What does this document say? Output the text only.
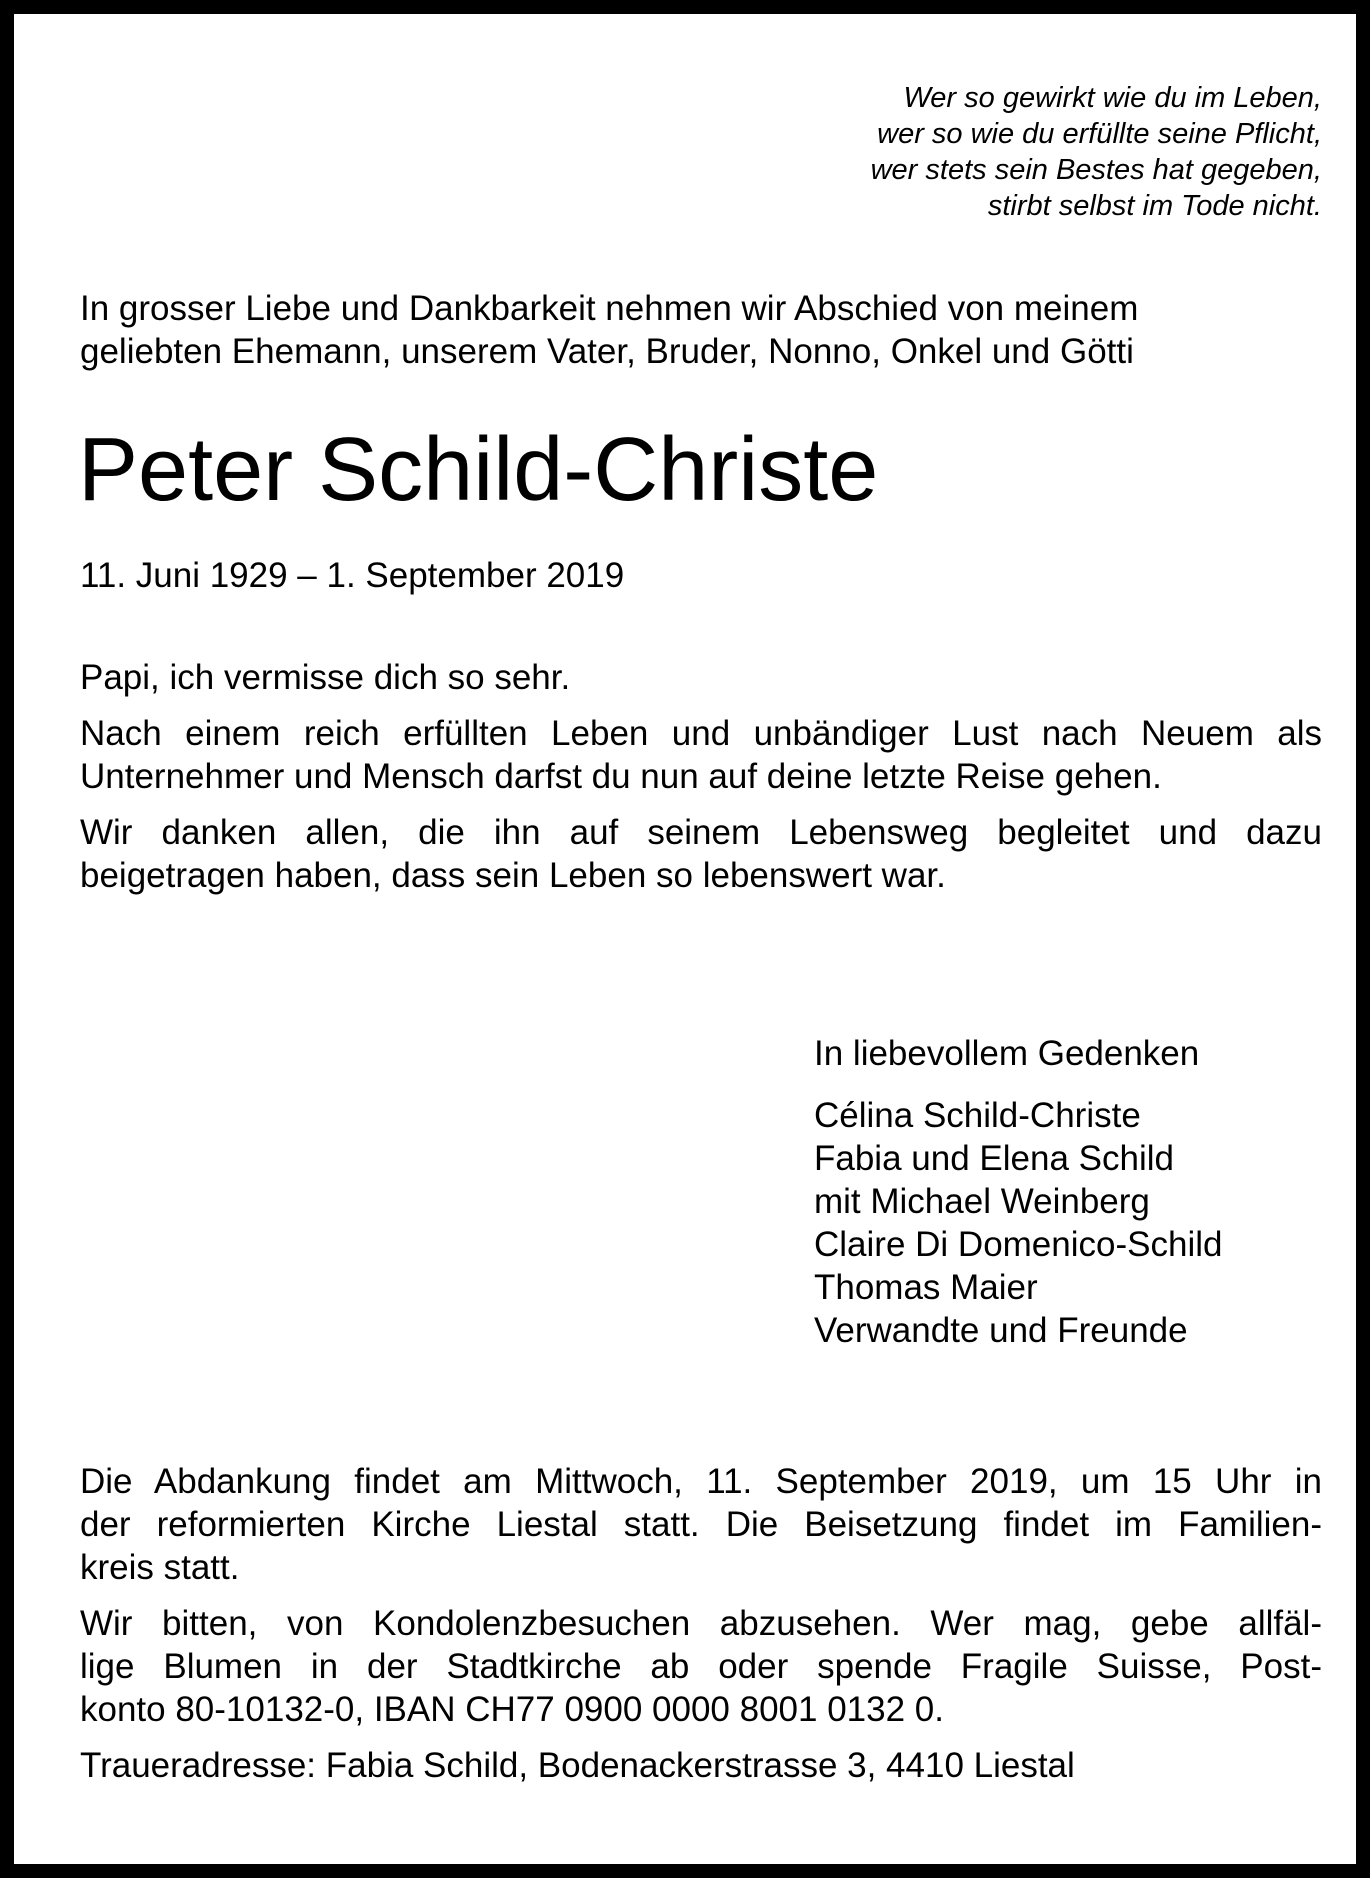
Wer so gewirkt wie du im Leben,
wer so wie du erfüllte seine Pflicht,
wer stets sein Bestes hat gegeben,
stirbt selbst im Tode nicht.
In grosser Liebe und Dankbarkeit nehmen wir Abschied von meinem
geliebten Ehemann, unserem Vater, Bruder, Nonno, Onkel und Götti
Peter Schild-Christe
11. Juni 1929 – 1. September 2019

Papi, ich vermisse dich so sehr.

Nach einem reich erfüllten Leben und unbändiger Lust nach Neuem als Unternehmer und Mensch darfst du nun auf deine letzte Reise gehen.

Wir danken allen, die ihn auf seinem Lebensweg begleitet und dazu beigetragen haben, dass sein Leben so lebenswert war.

In liebevollem Gedenken
Célina Schild-Christe
Fabia und Elena Schild
mit Michael Weinberg
Claire Di Domenico-Schild
Thomas Maier
Verwandte und Freunde

Die Abdankung findet am Mittwoch, 11. September 2019, um 15 Uhr in
der reformierten Kirche Liestal statt. Die Beisetzung findet im Familien-
kreis statt.

Wir bitten, von Kondolenzbesuchen abzusehen. Wer mag, gebe allfäl-
lige Blumen in der Stadtkirche ab oder spende Fragile Suisse, Post-
konto 80-10132-0, IBAN CH77 0900 0000 8001 0132 0.

Traueradresse: Fabia Schild, Bodenackerstrasse 3, 4410 Liestal
